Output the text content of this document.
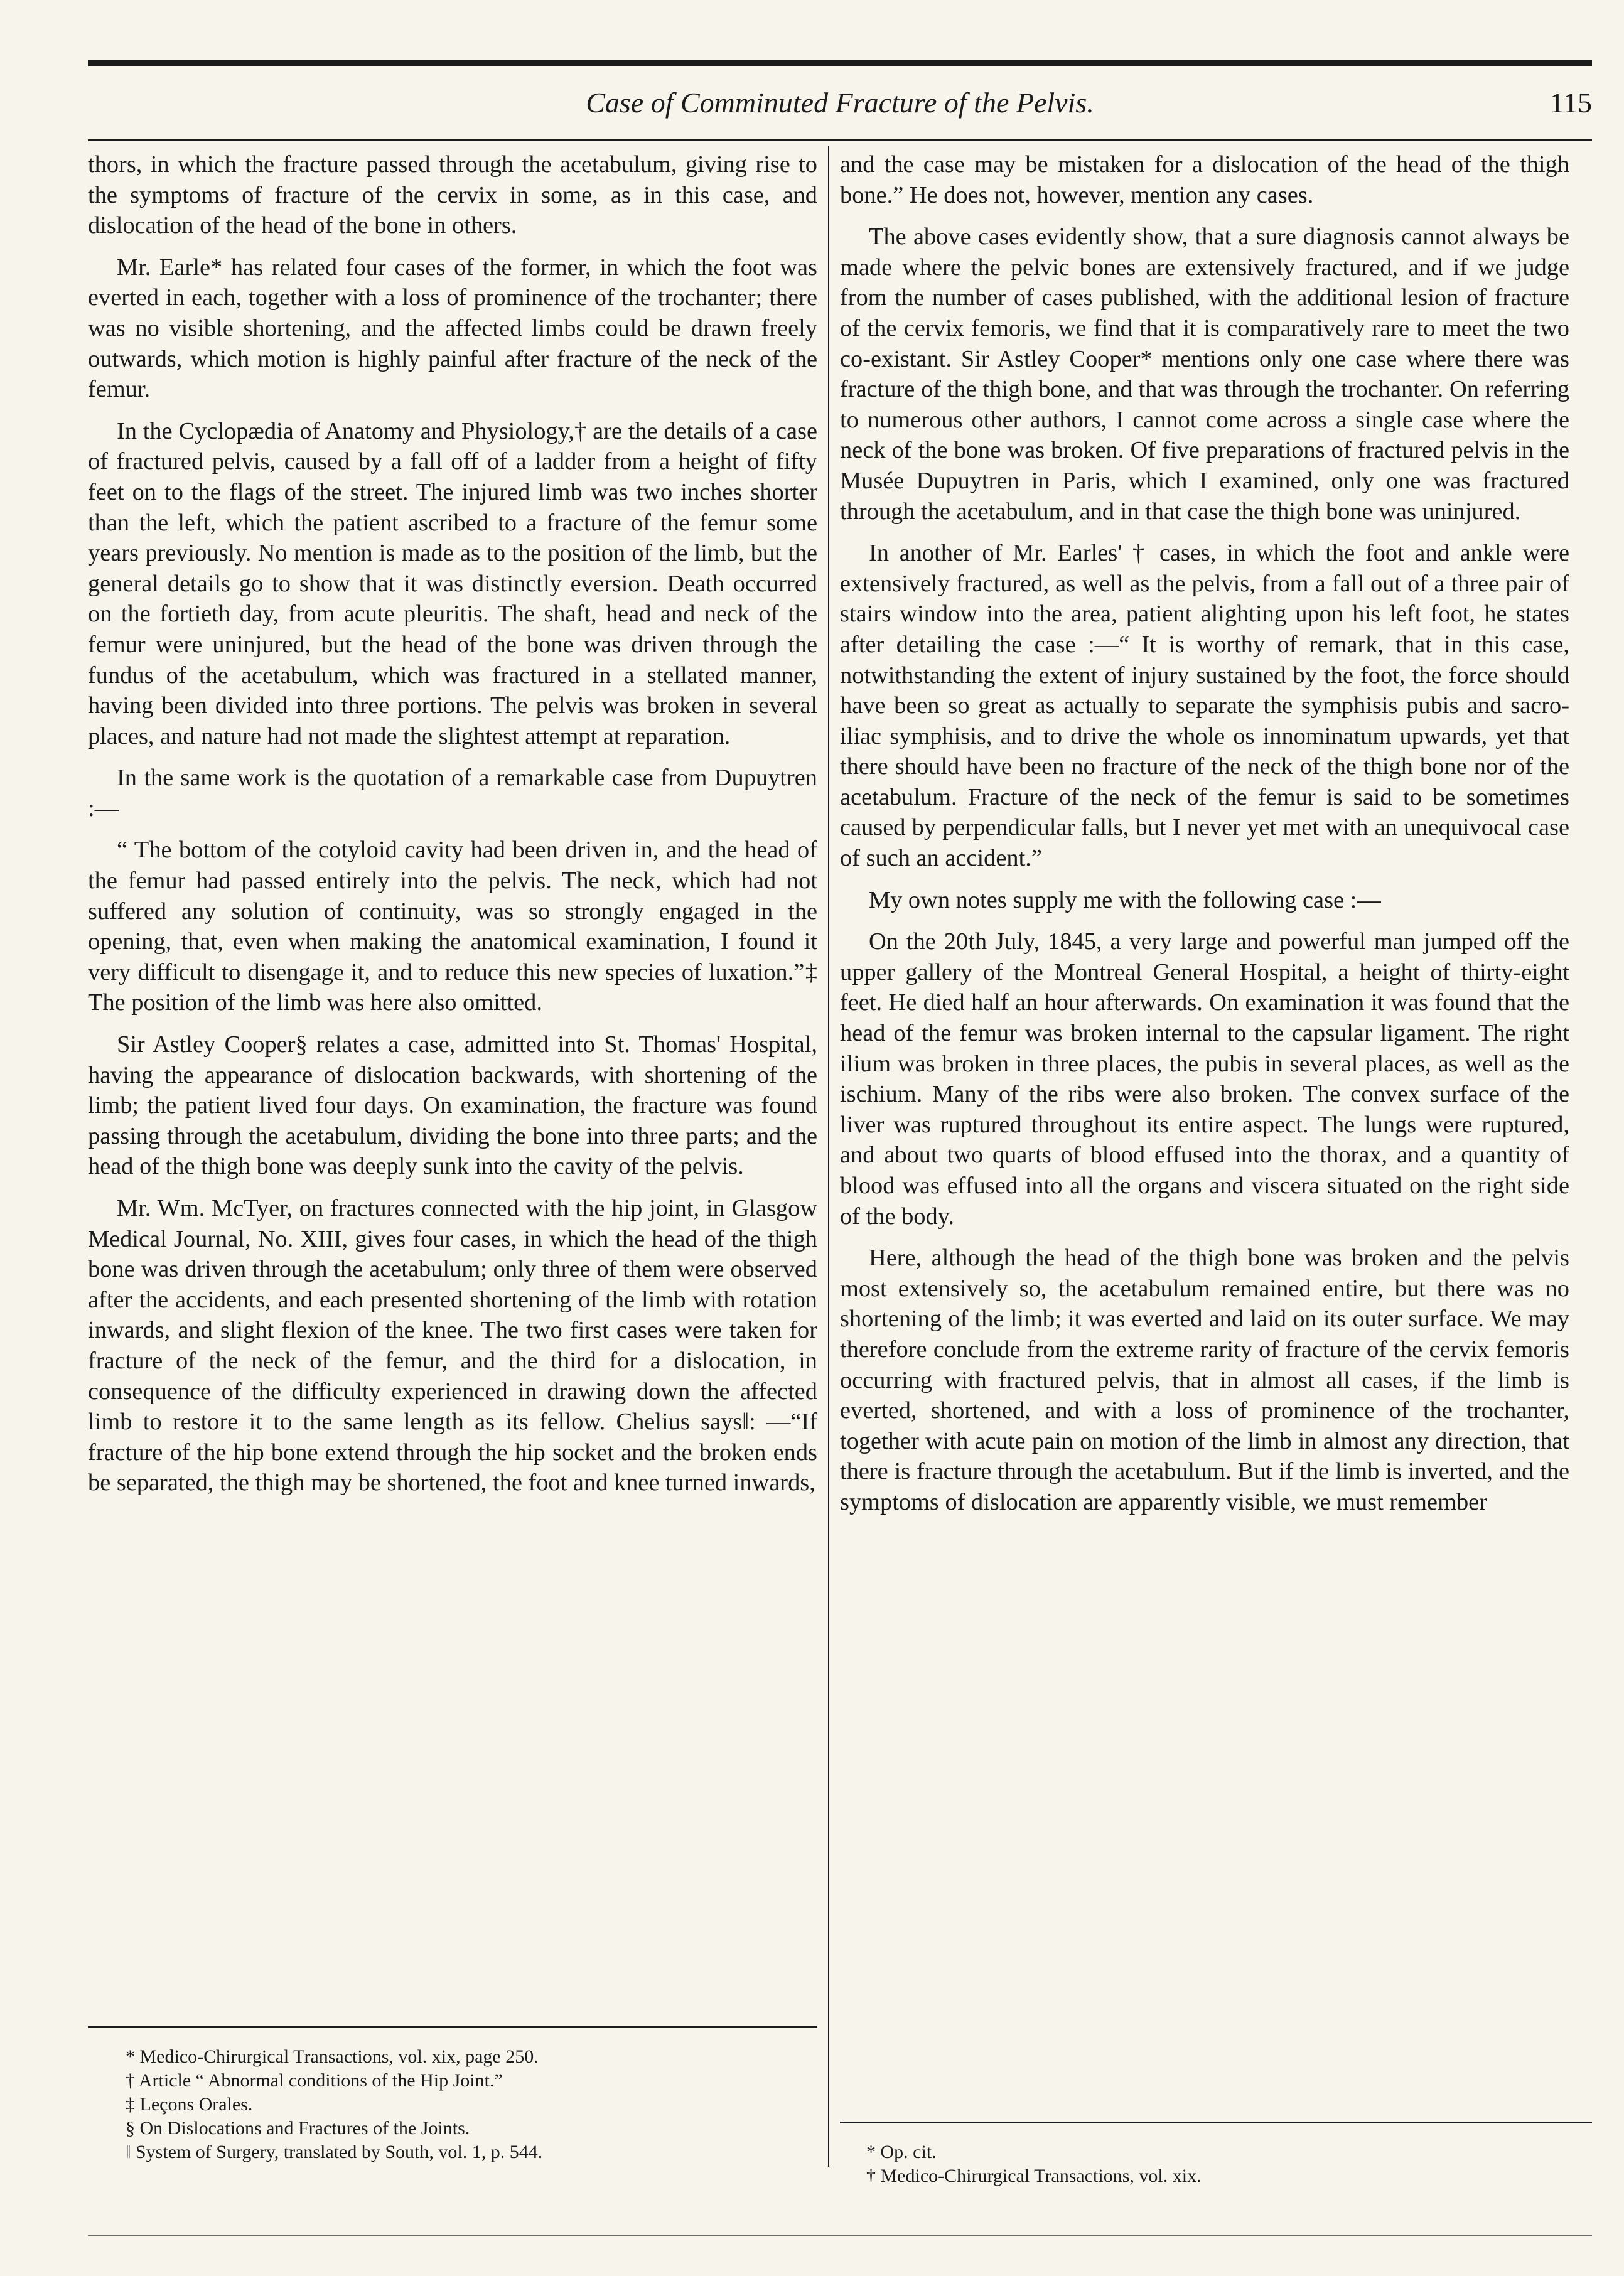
Case of Comminuted Fracture of the Pelvis.	115

thors, in which the fracture passed through the acetabulum, giving rise to the symptoms of fracture of the cervix in some, as in this case, and dislocation of the head of the bone in others.

Mr. Earle* has related four cases of the former, in which the foot was everted in each, together with a loss of prominence of the trochanter; there was no visible shortening, and the affected limbs could be drawn freely outwards, which motion is highly painful after fracture of the neck of the femur.

In the Cyclopædia of Anatomy and Physiology,† are the details of a case of fractured pelvis, caused by a fall off of a ladder from a height of fifty feet on to the flags of the street. The injured limb was two inches shorter than the left, which the patient ascribed to a fracture of the femur some years previously. No mention is made as to the position of the limb, but the general details go to show that it was distinctly eversion. Death occurred on the fortieth day, from acute pleuritis. The shaft, head and neck of the femur were uninjured, but the head of the bone was driven through the fundus of the acetabulum, which was fractured in a stellated manner, having been divided into three portions. The pelvis was broken in several places, and nature had not made the slightest attempt at reparation.

In the same work is the quotation of a remarkable case from Dupuytren :—

“ The bottom of the cotyloid cavity had been driven in, and the head of the femur had passed entirely into the pelvis. The neck, which had not suffered any solution of continuity, was so strongly engaged in the opening, that, even when making the anatomical examination, I found it very difficult to disengage it, and to reduce this new species of luxation.”‡ The position of the limb was here also omitted.

Sir Astley Cooper§ relates a case, admitted into St. Thomas' Hospital, having the appearance of dislocation backwards, with shortening of the limb; the patient lived four days. On examination, the fracture was found passing through the acetabulum, dividing the bone into three parts; and the head of the thigh bone was deeply sunk into the cavity of the pelvis.

Mr. Wm. McTyer, on fractures connected with the hip joint, in Glasgow Medical Journal, No. XIII, gives four cases, in which the head of the thigh bone was driven through the acetabulum; only three of them were observed after the accidents, and each presented shortening of the limb with rotation inwards, and slight flexion of the knee. The two first cases were taken for fracture of the neck of the femur, and the third for a dislocation, in consequence of the difficulty experienced in drawing down the affected limb to restore it to the same length as its fellow. Chelius says‖: —“If fracture of the hip bone extend through the hip socket and the broken ends be separated, the thigh may be shortened, the foot and knee turned inwards,

and the case may be mistaken for a dislocation of the head of the thigh bone.” He does not, however, mention any cases.

The above cases evidently show, that a sure diagnosis cannot always be made where the pelvic bones are extensively fractured, and if we judge from the number of cases published, with the additional lesion of fracture of the cervix femoris, we find that it is comparatively rare to meet the two co-existant. Sir Astley Cooper* mentions only one case where there was fracture of the thigh bone, and that was through the trochanter. On referring to numerous other authors, I cannot come across a single case where the neck of the bone was broken. Of five preparations of fractured pelvis in the Musée Dupuytren in Paris, which I examined, only one was fractured through the acetabulum, and in that case the thigh bone was uninjured.

In another of Mr. Earles' † cases, in which the foot and ankle were extensively fractured, as well as the pelvis, from a fall out of a three pair of stairs window into the area, patient alighting upon his left foot, he states after detailing the case :—“ It is worthy of remark, that in this case, notwithstanding the extent of injury sustained by the foot, the force should have been so great as actually to separate the symphisis pubis and sacro-iliac symphisis, and to drive the whole os innominatum upwards, yet that there should have been no fracture of the neck of the thigh bone nor of the acetabulum. Fracture of the neck of the femur is said to be sometimes caused by perpendicular falls, but I never yet met with an unequivocal case of such an accident.”

My own notes supply me with the following case :—

On the 20th July, 1845, a very large and powerful man jumped off the upper gallery of the Montreal General Hospital, a height of thirty-eight feet. He died half an hour afterwards. On examination it was found that the head of the femur was broken internal to the capsular ligament. The right ilium was broken in three places, the pubis in several places, as well as the ischium. Many of the ribs were also broken. The convex surface of the liver was ruptured throughout its entire aspect. The lungs were ruptured, and about two quarts of blood effused into the thorax, and a quantity of blood was effused into all the organs and viscera situated on the right side of the body.

Here, although the head of the thigh bone was broken and the pelvis most extensively so, the acetabulum remained entire, but there was no shortening of the limb; it was everted and laid on its outer surface. We may therefore conclude from the extreme rarity of fracture of the cervix femoris occurring with fractured pelvis, that in almost all cases, if the limb is everted, shortened, and with a loss of prominence of the trochanter, together with acute pain on motion of the limb in almost any direction, that there is fracture through the acetabulum. But if the limb is inverted, and the symptoms of dislocation are apparently visible, we must remember

* Medico-Chirurgical Transactions, vol. xix, page 250.
† Article “ Abnormal conditions of the Hip Joint.”
‡ Leçons Orales.
§ On Dislocations and Fractures of the Joints.
‖ System of Surgery, translated by South, vol. 1, p. 544.	* Op. cit.
† Medico-Chirurgical Transactions, vol. xix.
